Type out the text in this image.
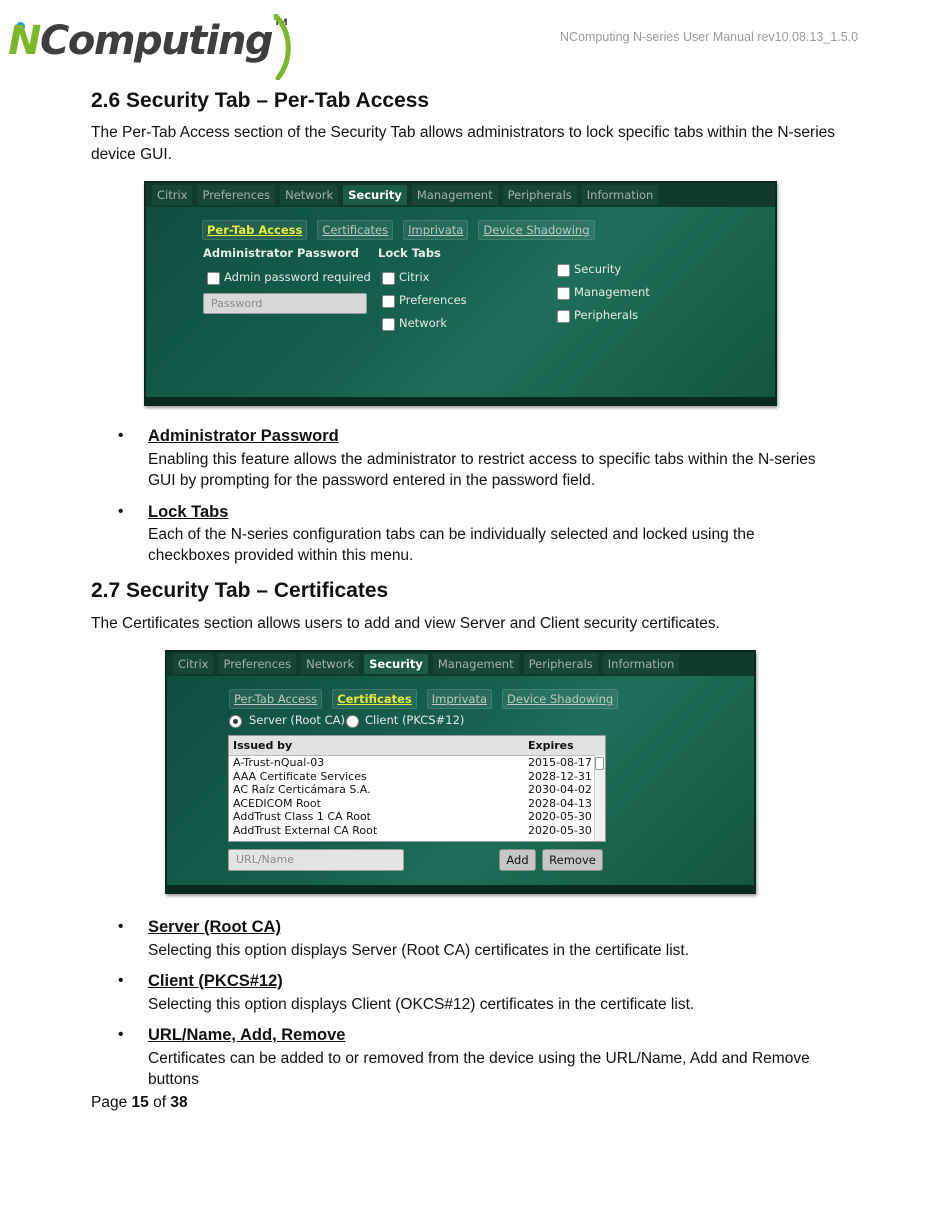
NComputing ™
NComputing N-series User Manual rev10.08.13_1.5.0
2.6 Security Tab – Per-Tab Access

The Per-Tab Access section of the Security Tab allows administrators to lock specific tabs within the N-series device GUI.

Citrix	Preferences	Network	Security	Management	Peripherals	Information
Per-Tab Access	Certificates	Imprivata	Device Shadowing
Administrator Password
Admin password required
Password
Lock Tabs
Citrix
Preferences
Network
Security
Management
Peripherals
• Administrator Password

Enabling this feature allows the administrator to restrict access to specific tabs within the N-series GUI by prompting for the password entered in the password field.

• Lock Tabs

Each of the N-series configuration tabs can be individually selected and locked using the checkboxes provided within this menu.

2.7 Security Tab – Certificates

The Certificates section allows users to add and view Server and Client security certificates.

Citrix	Preferences	Network	Security	Management	Peripherals	Information
Per-Tab Access	Certificates	Imprivata	Device Shadowing
Server (Root CA) Client (PKCS#12)
Issued by	Expires
A-Trust-nQual-03	2015-08-17
AAA Certificate Services	2028-12-31
AC Raíz Certicámara S.A.	2030-04-02
ACEDICOM Root	2028-04-13
AddTrust Class 1 CA Root	2020-05-30
AddTrust External CA Root	2020-05-30
URL/Name	Add	Remove
• Server (Root CA)

Selecting this option displays Server (Root CA) certificates in the certificate list.

• Client (PKCS#12)

Selecting this option displays Client (OKCS#12) certificates in the certificate list.

• URL/Name, Add, Remove

Certificates can be added to or removed from the device using the URL/Name, Add and Remove buttons

Page 15 of 38
